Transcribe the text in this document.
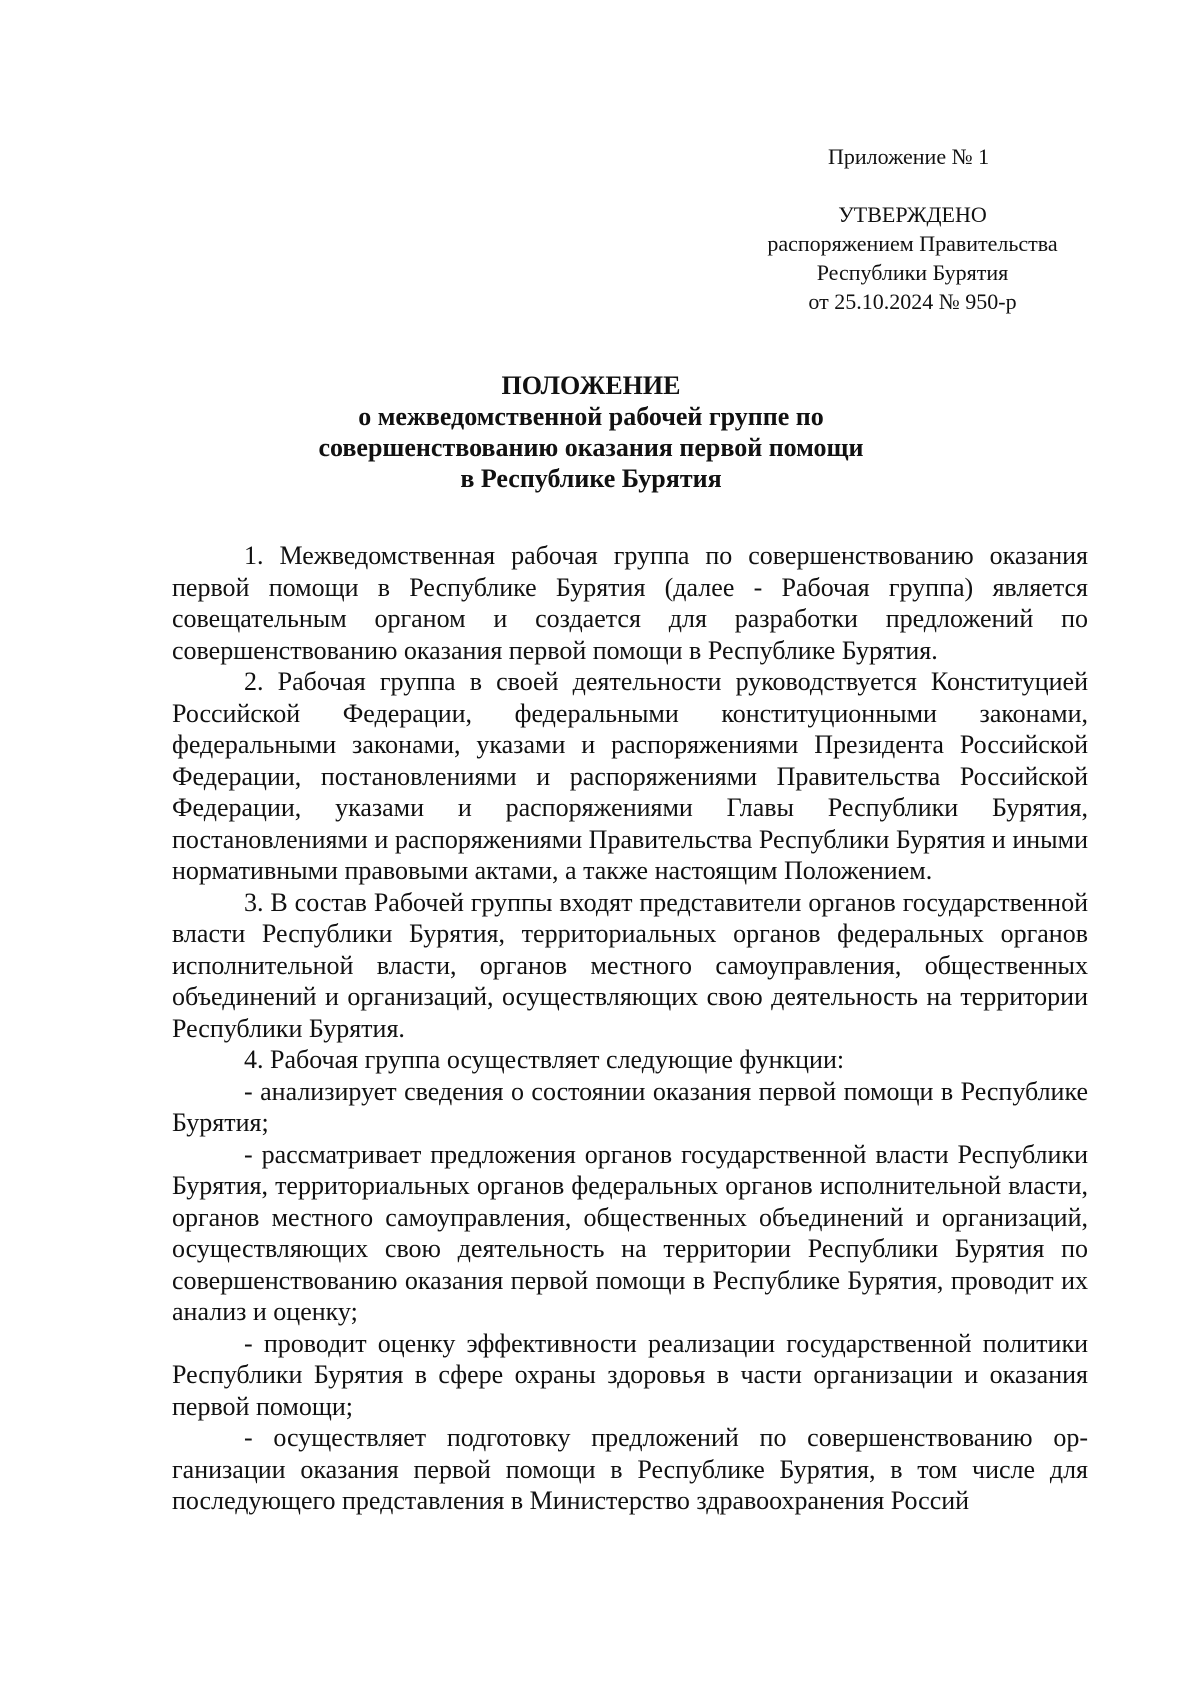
Приложение № 1
УТВЕРЖДЕНО
распоряжением Правительства
Республики Бурятия
от 25.10.2024 № 950-р
ПОЛОЖЕНИЕ
о межведомственной рабочей группе по
совершенствованию оказания первой помощи
в Республике Бурятия

1. Межведомственная рабочая группа по совершенствованию оказания первой помощи в Республике Бурятия (далее - Рабочая группа) является совещательным органом и создается для разработки предложений по совершенствованию оказания первой помощи в Республике Бурятия.

2. Рабочая группа в своей деятельности руководствуется Конституцией Российской Федерации, федеральными конституционными законами, федеральными законами, указами и распоряжениями Президента Российской Федерации, постановлениями и распоряжениями Правительства Российской Федерации, указами и распоряжениями Главы Республики Бурятия, постановлениями и распоряжениями Правительства Республики Бурятия и иными нормативными правовыми актами, а также настоящим Положением.

3. В состав Рабочей группы входят представители органов государственной власти Республики Бурятия, территориальных органов федеральных органов исполнительной власти, органов местного самоуправления, общественных объединений и организаций, осуществляющих свою деятельность на территории Республики Бурятия.

4. Рабочая группа осуществляет следующие функции:

- анализирует сведения о состоянии оказания первой помощи в Республике Бурятия;

- рассматривает предложения органов государственной власти Республики Бурятия, территориальных органов федеральных органов исполнительной власти, органов местного самоуправления, общественных объединений и организаций, осуществляющих свою деятельность на территории Республики Бурятия по совершенствованию оказания первой помощи в Республике Бурятия, проводит их анализ и оценку;

- проводит оценку эффективности реализации государственной политики Республики Бурятия в сфере охраны здоровья в части организации и оказания первой помощи;

- осуществляет подготовку предложений по совершенствованию организации оказания первой помощи в Республике Бурятия, в том числе для последующего представления в Министерство здравоохранения Россий
